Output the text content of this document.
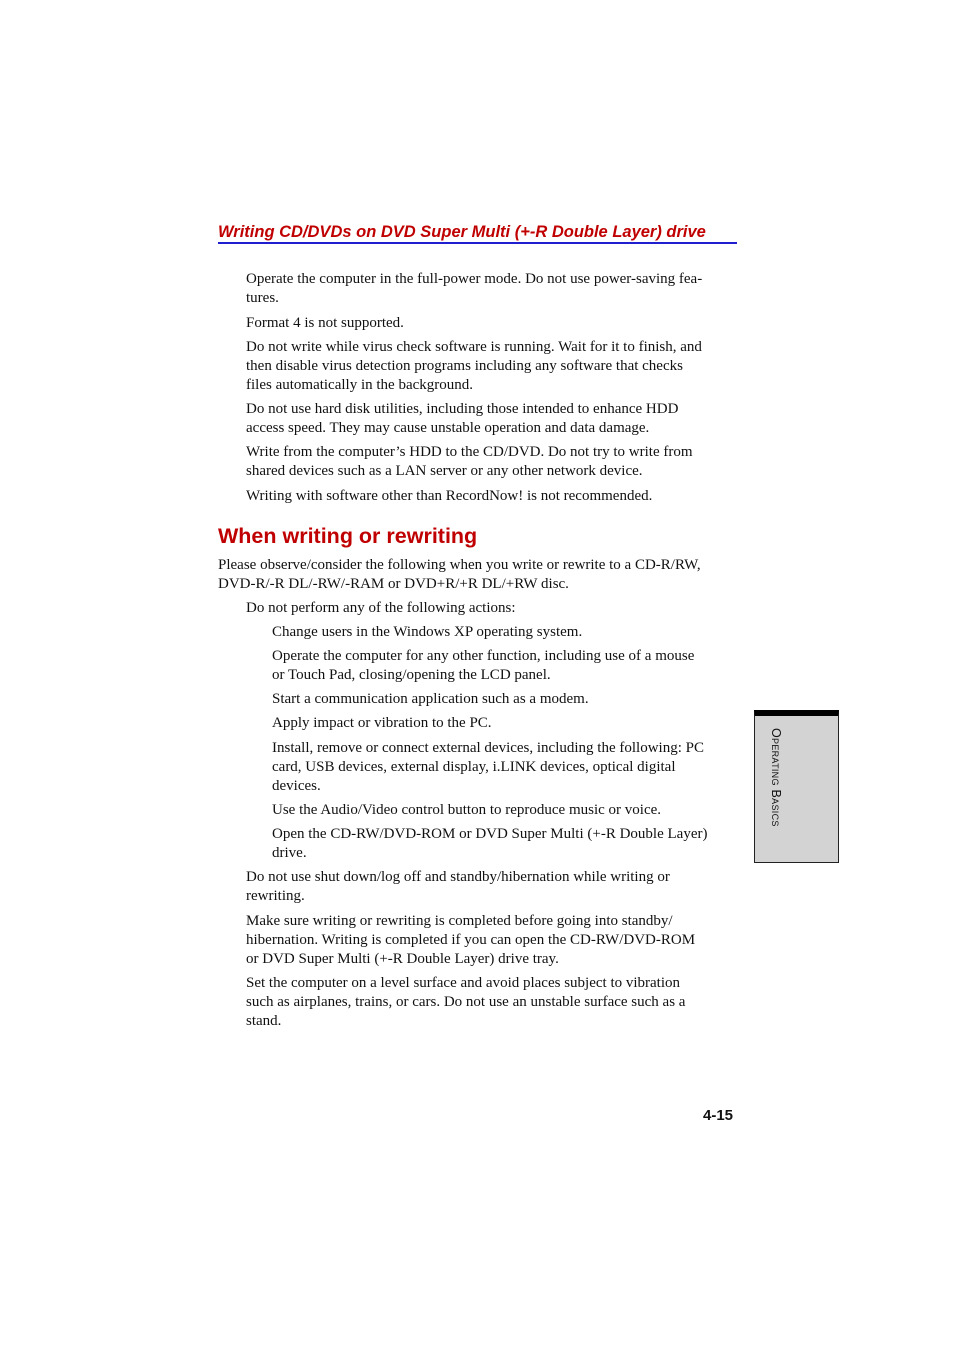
Writing CD/DVDs on DVD Super Multi (+-R Double Layer) drive

Operate the computer in the full-power mode. Do not use power-saving fea-
tures.

Format 4 is not supported.

Do not write while virus check software is running. Wait for it to finish, and
then disable virus detection programs including any software that checks
files automatically in the background.

Do not use hard disk utilities, including those intended to enhance HDD
access speed. They may cause unstable operation and data damage.

Write from the computer’s HDD to the CD/DVD. Do not try to write from
shared devices such as a LAN server or any other network device.

Writing with software other than RecordNow! is not recommended.

When writing or rewriting

Please observe/consider the following when you write or rewrite to a CD-R/RW,
DVD-R/-R DL/-RW/-RAM or DVD+R/+R DL/+RW disc.

Do not perform any of the following actions:

Change users in the Windows XP operating system.

Operate the computer for any other function, including use of a mouse
or Touch Pad, closing/opening the LCD panel.

Start a communication application such as a modem.

Apply impact or vibration to the PC.

Install, remove or connect external devices, including the following: PC
card, USB devices, external display, i.LINK devices, optical digital
devices.

Use the Audio/Video control button to reproduce music or voice.

Open the CD-RW/DVD-ROM or DVD Super Multi (+-R Double Layer)
drive.

Do not use shut down/log off and standby/hibernation while writing or
rewriting.

Make sure writing or rewriting is completed before going into standby/
hibernation. Writing is completed if you can open the CD-RW/DVD-ROM
or DVD Super Multi (+-R Double Layer) drive tray.

Set the computer on a level surface and avoid places subject to vibration
such as airplanes, trains, or cars. Do not use an unstable surface such as a
stand.

Operating Basics

4-15
